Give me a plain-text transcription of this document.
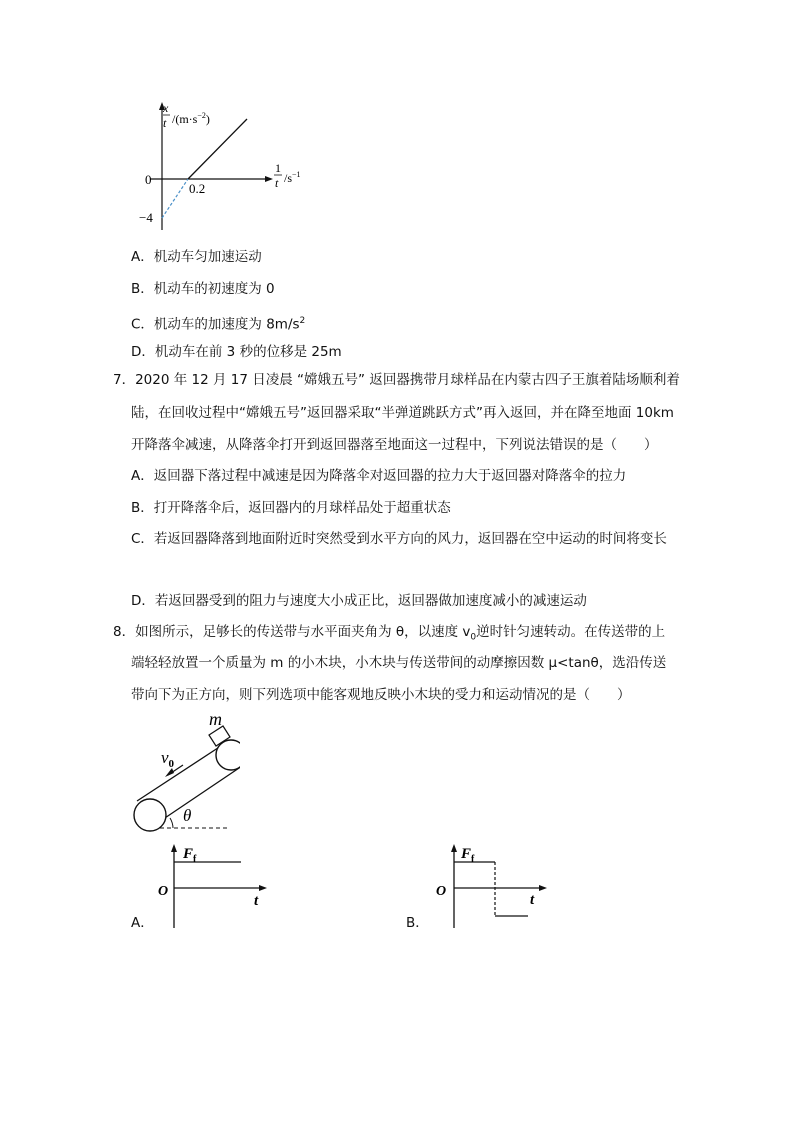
x
t $/(m\cdot s^{-2})$
1
t $/s^{-1}$
0
0.2
−4
A．机动车匀加速运动
B．机动车的初速度为 0
C．机动车的加速度为 $8m/s^2$
D．机动车在前 3 秒的位移是 25m
7．2020 年 12 月 17 日凌晨 “嫦娥五号” 返回器携带月球样品在内蒙古四子王旗着陆场顺利着
陆，在回收过程中“嫦娥五号”返回器采取“半弹道跳跃方式”再入返回，并在降至地面 10km
开降落伞减速，从降落伞打开到返回器落至地面这一过程中，下列说法错误的是（　　）
A．返回器下落过程中减速是因为降落伞对返回器的拉力大于返回器对降落伞的拉力
B．打开降落伞后，返回器内的月球样品处于超重状态
C．若返回器降落到地面附近时突然受到水平方向的风力，返回器在空中运动的时间将变长
D．若返回器受到的阻力与速度大小成正比，返回器做加速度减小的减速运动
8．如图所示，足够长的传送带与水平面夹角为 θ，以速度 $v_0$逆时针匀速转动。在传送带的上
端轻轻放置一个质量为 m 的小木块，小木块与传送带间的动摩擦因数 μ<tanθ，选沿传送
带向下为正方向，则下列选项中能客观地反映小木块的受力和运动情况的是（　　）
m
$v_0$
θ
$F_f$
O
t
A．
$F_f$
O
t
B．
